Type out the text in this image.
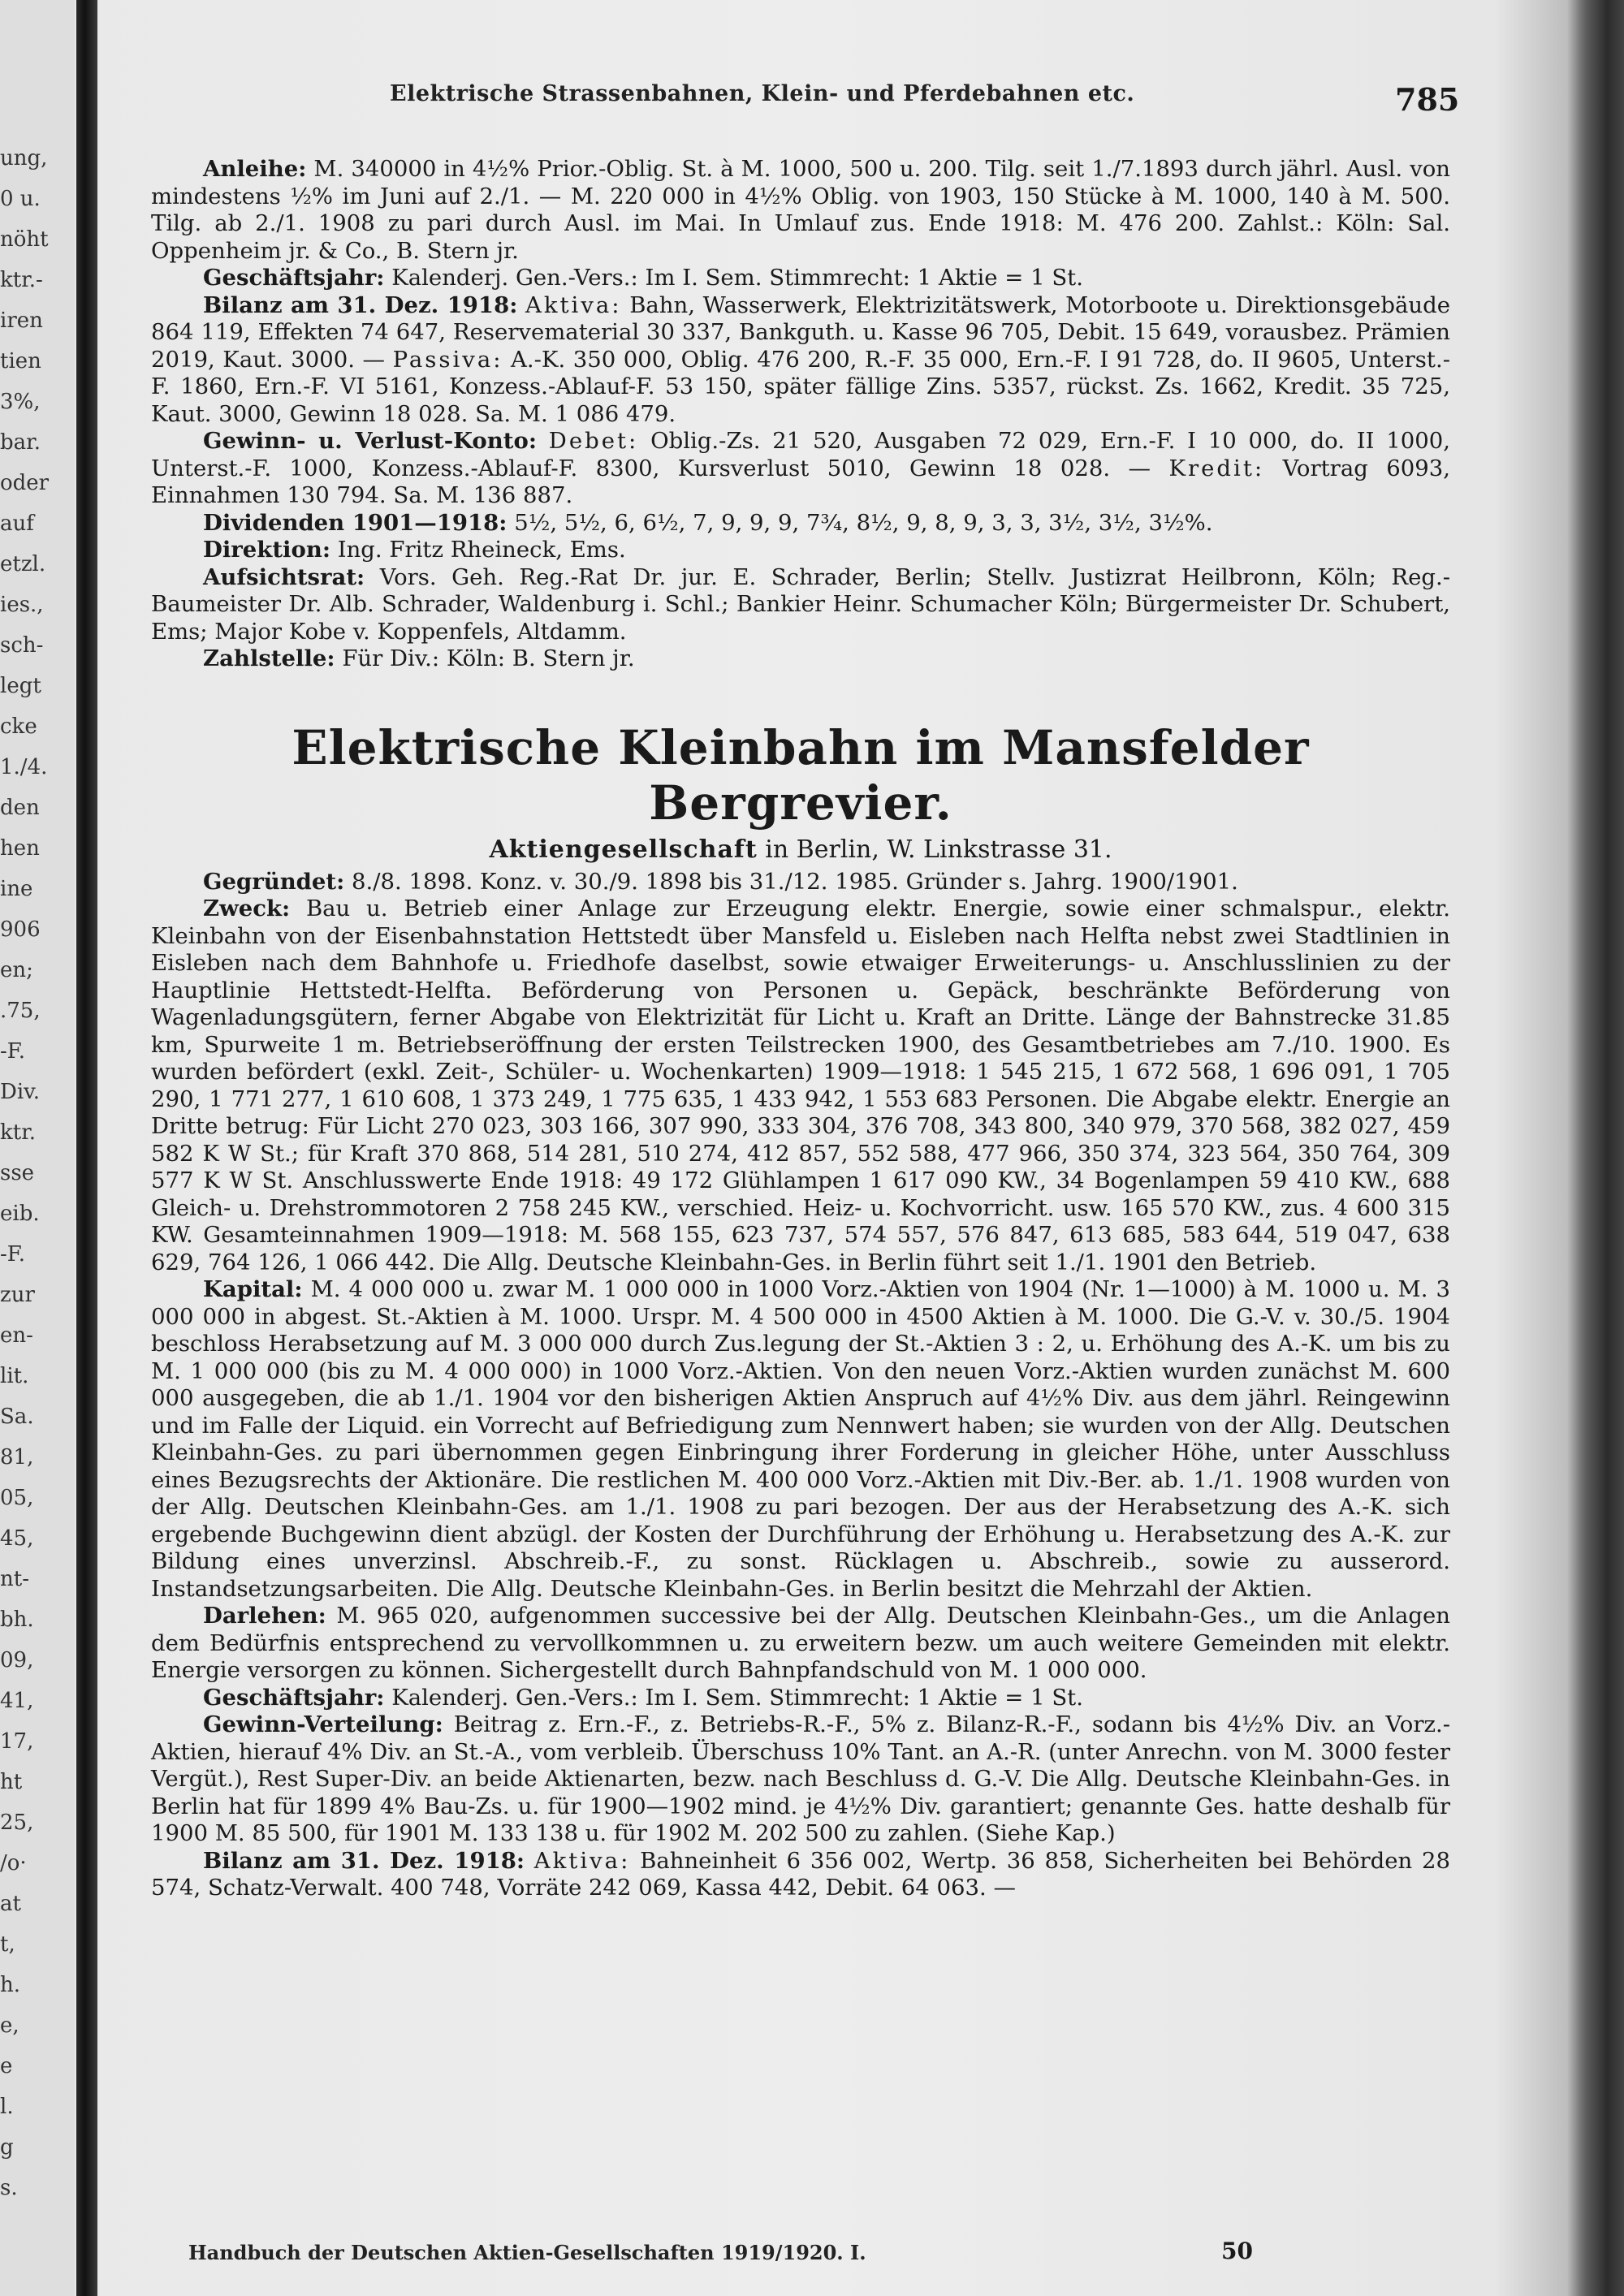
ung,
0 u.
nöht
ktr.-
iren
tien
3%,
bar.
oder
auf
etzl.
ies.,
sch-
legt
cke
1./4.
den
hen
ine
906
en;
.75,
-F.
Div.
ktr.
sse
eib.
-F.
zur
en-
lit.
Sa.
81,
05,
45,
nt-
bh.
09,
41,
17,
ht
25,
/o·
at
t,
h.
e,
e
l.
g
s.
Elektrische Strassenbahnen, Klein- und Pferdebahnen etc.	785

Anleihe: M. 340000 in 4½% Prior.-Oblig. St. à M. 1000, 500 u. 200. Tilg. seit 1./7.1893 durch jährl. Ausl. von mindestens ½% im Juni auf 2./1. — M. 220 000 in 4½% Oblig. von 1903, 150 Stücke à M. 1000, 140 à M. 500. Tilg. ab 2./1. 1908 zu pari durch Ausl. im Mai. In Umlauf zus. Ende 1918: M. 476 200. Zahlst.: Köln: Sal. Oppenheim jr. & Co., B. Stern jr.

Geschäftsjahr: Kalenderj. Gen.-Vers.: Im I. Sem. Stimmrecht: 1 Aktie = 1 St.

Bilanz am 31. Dez. 1918: Aktiva: Bahn, Wasserwerk, Elektrizitätswerk, Motorboote u. Direktionsgebäude 864 119, Effekten 74 647, Reservematerial 30 337, Bankguth. u. Kasse 96 705, Debit. 15 649, vorausbez. Prämien 2019, Kaut. 3000. — Passiva: A.-K. 350 000, Oblig. 476 200, R.-F. 35 000, Ern.-F. I 91 728, do. II 9605, Unterst.-F. 1860, Ern.-F. VI 5161, Konzess.-Ablauf-F. 53 150, später fällige Zins. 5357, rückst. Zs. 1662, Kredit. 35 725, Kaut. 3000, Gewinn 18 028. Sa. M. 1 086 479.

Gewinn- u. Verlust-Konto: Debet: Oblig.-Zs. 21 520, Ausgaben 72 029, Ern.-F. I 10 000, do. II 1000, Unterst.-F. 1000, Konzess.-Ablauf-F. 8300, Kursverlust 5010, Gewinn 18 028. — Kredit: Vortrag 6093, Einnahmen 130 794. Sa. M. 136 887.

Dividenden 1901—1918: 5½, 5½, 6, 6½, 7, 9, 9, 9, 7¾, 8½, 9, 8, 9, 3, 3, 3½, 3½, 3½%.

Direktion: Ing. Fritz Rheineck, Ems.

Aufsichtsrat: Vors. Geh. Reg.-Rat Dr. jur. E. Schrader, Berlin; Stellv. Justizrat Heilbronn, Köln; Reg.-Baumeister Dr. Alb. Schrader, Waldenburg i. Schl.; Bankier Heinr. Schumacher Köln; Bürgermeister Dr. Schubert, Ems; Major Kobe v. Koppenfels, Altdamm.

Zahlstelle: Für Div.: Köln: B. Stern jr.

Elektrische Kleinbahn im Mansfelder Bergrevier.
Aktiengesellschaft in Berlin, W. Linkstrasse 31.

Gegründet: 8./8. 1898. Konz. v. 30./9. 1898 bis 31./12. 1985. Gründer s. Jahrg. 1900/1901.

Zweck: Bau u. Betrieb einer Anlage zur Erzeugung elektr. Energie, sowie einer schmalspur., elektr. Kleinbahn von der Eisenbahnstation Hettstedt über Mansfeld u. Eisleben nach Helfta nebst zwei Stadtlinien in Eisleben nach dem Bahnhofe u. Friedhofe daselbst, sowie etwaiger Erweiterungs- u. Anschlusslinien zu der Hauptlinie Hettstedt-Helfta. Beförderung von Personen u. Gepäck, beschränkte Beförderung von Wagenladungsgütern, ferner Abgabe von Elektrizität für Licht u. Kraft an Dritte. Länge der Bahnstrecke 31.85 km, Spurweite 1 m. Betriebseröffnung der ersten Teilstrecken 1900, des Gesamtbetriebes am 7./10. 1900. Es wurden befördert (exkl. Zeit-, Schüler- u. Wochenkarten) 1909—1918: 1 545 215, 1 672 568, 1 696 091, 1 705 290, 1 771 277, 1 610 608, 1 373 249, 1 775 635, 1 433 942, 1 553 683 Personen. Die Abgabe elektr. Energie an Dritte betrug: Für Licht 270 023, 303 166, 307 990, 333 304, 376 708, 343 800, 340 979, 370 568, 382 027, 459 582 K W St.; für Kraft 370 868, 514 281, 510 274, 412 857, 552 588, 477 966, 350 374, 323 564, 350 764, 309 577 K W St. Anschlusswerte Ende 1918: 49 172 Glühlampen 1 617 090 KW., 34 Bogenlampen 59 410 KW., 688 Gleich- u. Drehstrommotoren 2 758 245 KW., verschied. Heiz- u. Kochvorricht. usw. 165 570 KW., zus. 4 600 315 KW. Gesamteinnahmen 1909—1918: M. 568 155, 623 737, 574 557, 576 847, 613 685, 583 644, 519 047, 638 629, 764 126, 1 066 442. Die Allg. Deutsche Kleinbahn-Ges. in Berlin führt seit 1./1. 1901 den Betrieb.

Kapital: M. 4 000 000 u. zwar M. 1 000 000 in 1000 Vorz.-Aktien von 1904 (Nr. 1—1000) à M. 1000 u. M. 3 000 000 in abgest. St.-Aktien à M. 1000. Urspr. M. 4 500 000 in 4500 Aktien à M. 1000. Die G.-V. v. 30./5. 1904 beschloss Herabsetzung auf M. 3 000 000 durch Zus.legung der St.-Aktien 3 : 2, u. Erhöhung des A.-K. um bis zu M. 1 000 000 (bis zu M. 4 000 000) in 1000 Vorz.-Aktien. Von den neuen Vorz.-Aktien wurden zunächst M. 600 000 ausgegeben, die ab 1./1. 1904 vor den bisherigen Aktien Anspruch auf 4½% Div. aus dem jährl. Reingewinn und im Falle der Liquid. ein Vorrecht auf Befriedigung zum Nennwert haben; sie wurden von der Allg. Deutschen Kleinbahn-Ges. zu pari übernommen gegen Einbringung ihrer Forderung in gleicher Höhe, unter Ausschluss eines Bezugsrechts der Aktionäre. Die restlichen M. 400 000 Vorz.-Aktien mit Div.-Ber. ab. 1./1. 1908 wurden von der Allg. Deutschen Kleinbahn-Ges. am 1./1. 1908 zu pari bezogen. Der aus der Herabsetzung des A.-K. sich ergebende Buchgewinn dient abzügl. der Kosten der Durchführung der Erhöhung u. Herabsetzung des A.-K. zur Bildung eines unverzinsl. Abschreib.-F., zu sonst. Rücklagen u. Abschreib., sowie zu ausserord. Instandsetzungsarbeiten. Die Allg. Deutsche Kleinbahn-Ges. in Berlin besitzt die Mehrzahl der Aktien.

Darlehen: M. 965 020, aufgenommen successive bei der Allg. Deutschen Kleinbahn-Ges., um die Anlagen dem Bedürfnis entsprechend zu vervollkommnen u. zu erweitern bezw. um auch weitere Gemeinden mit elektr. Energie versorgen zu können. Sichergestellt durch Bahnpfandschuld von M. 1 000 000.

Geschäftsjahr: Kalenderj. Gen.-Vers.: Im I. Sem. Stimmrecht: 1 Aktie = 1 St.

Gewinn-Verteilung: Beitrag z. Ern.-F., z. Betriebs-R.-F., 5% z. Bilanz-R.-F., sodann bis 4½% Div. an Vorz.-Aktien, hierauf 4% Div. an St.-A., vom verbleib. Überschuss 10% Tant. an A.-R. (unter Anrechn. von M. 3000 fester Vergüt.), Rest Super-Div. an beide Aktienarten, bezw. nach Beschluss d. G.-V. Die Allg. Deutsche Kleinbahn-Ges. in Berlin hat für 1899 4% Bau-Zs. u. für 1900—1902 mind. je 4½% Div. garantiert; genannte Ges. hatte deshalb für 1900 M. 85 500, für 1901 M. 133 138 u. für 1902 M. 202 500 zu zahlen. (Siehe Kap.)

Bilanz am 31. Dez. 1918: Aktiva: Bahneinheit 6 356 002, Wertp. 36 858, Sicherheiten bei Behörden 28 574, Schatz-Verwalt. 400 748, Vorräte 242 069, Kassa 442, Debit. 64 063. —

Handbuch der Deutschen Aktien-Gesellschaften 1919/1920. I.	50
